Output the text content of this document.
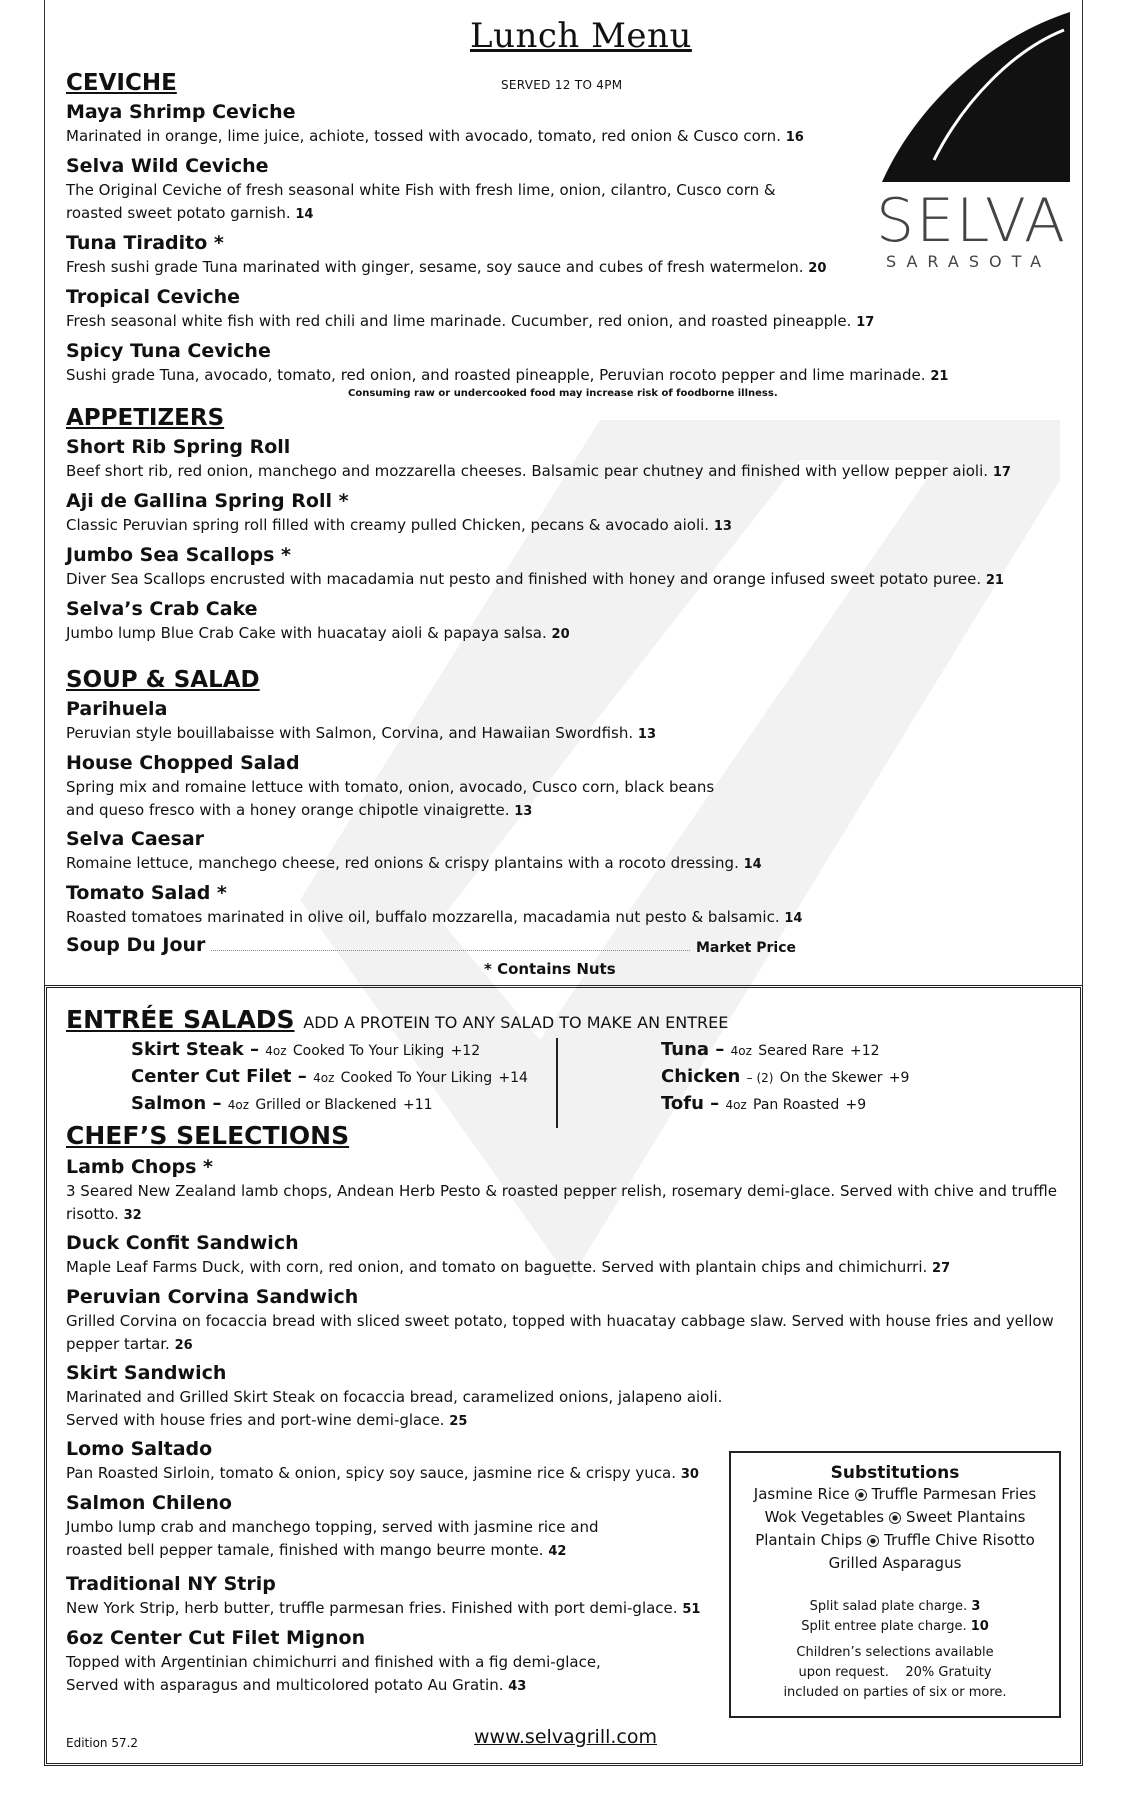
Lunch Menu
SERVED 12 TO 4PM
SELVA
SARASOTA
CEVICHE
Maya Shrimp Ceviche
Marinated in orange, lime juice, achiote, tossed with avocado, tomato, red onion & Cusco corn. 16
Selva Wild Ceviche
The Original Ceviche of fresh seasonal white Fish with fresh lime, onion, cilantro, Cusco corn &
roasted sweet potato garnish. 14
Tuna Tiradito *
Fresh sushi grade Tuna marinated with ginger, sesame, soy sauce and cubes of fresh watermelon. 20
Tropical Ceviche
Fresh seasonal white fish with red chili and lime marinade. Cucumber, red onion, and roasted pineapple. 17
Spicy Tuna Ceviche
Sushi grade Tuna, avocado, tomato, red onion, and roasted pineapple, Peruvian rocoto pepper and lime marinade. 21
Consuming raw or undercooked food may increase risk of foodborne illness.
APPETIZERS
Short Rib Spring Roll
Beef short rib, red onion, manchego and mozzarella cheeses. Balsamic pear chutney and finished with yellow pepper aioli. 17
Aji de Gallina Spring Roll *
Classic Peruvian spring roll filled with creamy pulled Chicken, pecans & avocado aioli. 13
Jumbo Sea Scallops *
Diver Sea Scallops encrusted with macadamia nut pesto and finished with honey and orange infused sweet potato puree. 21
Selva’s Crab Cake
Jumbo lump Blue Crab Cake with huacatay aioli & papaya salsa. 20
SOUP & SALAD
Parihuela
Peruvian style bouillabaisse with Salmon, Corvina, and Hawaiian Swordfish. 13
House Chopped Salad
Spring mix and romaine lettuce with tomato, onion, avocado, Cusco corn, black beans
and queso fresco with a honey orange chipotle vinaigrette. 13
Selva Caesar
Romaine lettuce, manchego cheese, red onions & crispy plantains with a rocoto dressing. 14
Tomato Salad *
Roasted tomatoes marinated in olive oil, buffalo mozzarella, macadamia nut pesto & balsamic. 14
Soup Du Jour	Market Price
* Contains Nuts
ENTRÉE SALADS ADD A PROTEIN TO ANY SALAD TO MAKE AN ENTREE
Skirt Steak – 4oz Cooked To Your Liking +12
Center Cut Filet – 4oz Cooked To Your Liking +14
Salmon – 4oz Grilled or Blackened +11
Tuna – 4oz Seared Rare +12
Chicken – (2) On the Skewer +9
Tofu – 4oz Pan Roasted +9
CHEF’S SELECTIONS
Lamb Chops *
3 Seared New Zealand lamb chops, Andean Herb Pesto & roasted pepper relish, rosemary demi-glace. Served with chive and truffle
risotto. 32
Duck Confit Sandwich
Maple Leaf Farms Duck, with corn, red onion, and tomato on baguette. Served with plantain chips and chimichurri. 27
Peruvian Corvina Sandwich
Grilled Corvina on focaccia bread with sliced sweet potato, topped with huacatay cabbage slaw. Served with house fries and yellow
pepper tartar. 26
Skirt Sandwich
Marinated and Grilled Skirt Steak on focaccia bread, caramelized onions, jalapeno aioli.
Served with house fries and port-wine demi-glace. 25
Lomo Saltado
Pan Roasted Sirloin, tomato & onion, spicy soy sauce, jasmine rice & crispy yuca. 30
Salmon Chileno
Jumbo lump crab and manchego topping, served with jasmine rice and
roasted bell pepper tamale, finished with mango beurre monte. 42
Traditional NY Strip
New York Strip, herb butter, truffle parmesan fries. Finished with port demi-glace. 51
6oz Center Cut Filet Mignon
Topped with Argentinian chimichurri and finished with a fig demi-glace,
Served with asparagus and multicolored potato Au Gratin. 43
Substitutions
Jasmine Rice Truffle Parmesan Fries
Wok Vegetables Sweet Plantains
Plantain Chips Truffle Chive Risotto
Grilled Asparagus
Split salad plate charge. 3
Split entree plate charge. 10
Children’s selections available
upon request.    20% Gratuity
included on parties of six or more.
Edition 57.2	www.selvagrill.com
